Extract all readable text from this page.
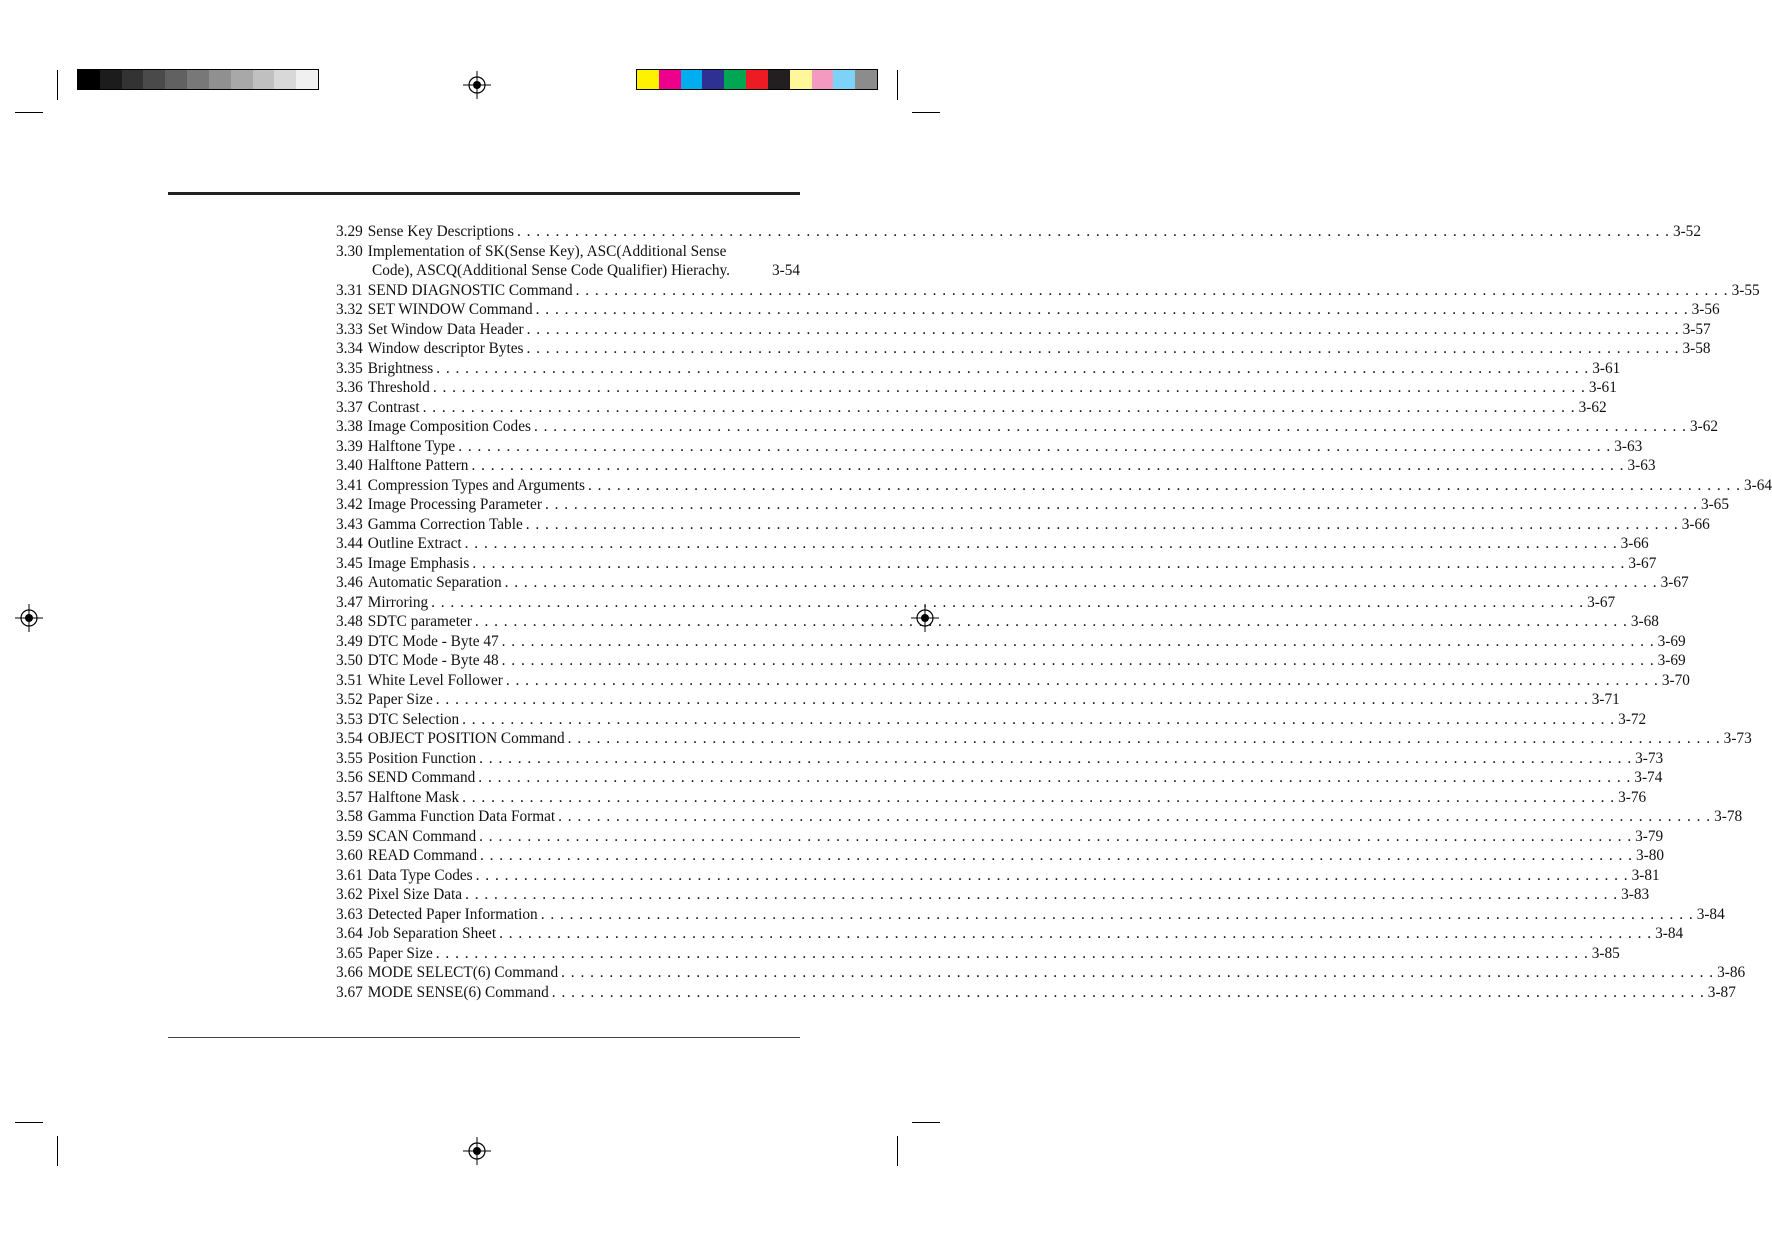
3.29 Sense Key Descriptions . . . . . . . . . . . . . . . . . . . . . . . . . . . . . . . . . . . . . . . . . . . . . . . . . . . . . . . . . . . . . . . . . . . . . . . . . . . . . . . . . . . . . . . . . . . . . . . . . . . . . . . . . . . . . . . . . . . . . . . . 3-52
3.30 Implementation of SK(Sense Key), ASC(Additional Sense
Code), ASCQ(Additional Sense Code Qualifier) Hierachy.	3-54
3.31 SEND DIAGNOSTIC Command . . . . . . . . . . . . . . . . . . . . . . . . . . . . . . . . . . . . . . . . . . . . . . . . . . . . . . . . . . . . . . . . . . . . . . . . . . . . . . . . . . . . . . . . . . . . . . . . . . . . . . . . . . . . . . . . . . . . . . . . 3-55
3.32 SET WINDOW Command . . . . . . . . . . . . . . . . . . . . . . . . . . . . . . . . . . . . . . . . . . . . . . . . . . . . . . . . . . . . . . . . . . . . . . . . . . . . . . . . . . . . . . . . . . . . . . . . . . . . . . . . . . . . . . . . . . . . . . . . 3-56
3.33 Set Window Data Header . . . . . . . . . . . . . . . . . . . . . . . . . . . . . . . . . . . . . . . . . . . . . . . . . . . . . . . . . . . . . . . . . . . . . . . . . . . . . . . . . . . . . . . . . . . . . . . . . . . . . . . . . . . . . . . . . . . . . . . . 3-57
3.34 Window descriptor Bytes . . . . . . . . . . . . . . . . . . . . . . . . . . . . . . . . . . . . . . . . . . . . . . . . . . . . . . . . . . . . . . . . . . . . . . . . . . . . . . . . . . . . . . . . . . . . . . . . . . . . . . . . . . . . . . . . . . . . . . . . 3-58
3.35 Brightness . . . . . . . . . . . . . . . . . . . . . . . . . . . . . . . . . . . . . . . . . . . . . . . . . . . . . . . . . . . . . . . . . . . . . . . . . . . . . . . . . . . . . . . . . . . . . . . . . . . . . . . . . . . . . . . . . . . . . . . . 3-61
3.36 Threshold . . . . . . . . . . . . . . . . . . . . . . . . . . . . . . . . . . . . . . . . . . . . . . . . . . . . . . . . . . . . . . . . . . . . . . . . . . . . . . . . . . . . . . . . . . . . . . . . . . . . . . . . . . . . . . . . . . . . . . . . 3-61
3.37 Contrast . . . . . . . . . . . . . . . . . . . . . . . . . . . . . . . . . . . . . . . . . . . . . . . . . . . . . . . . . . . . . . . . . . . . . . . . . . . . . . . . . . . . . . . . . . . . . . . . . . . . . . . . . . . . . . . . . . . . . . . . 3-62
3.38 Image Composition Codes . . . . . . . . . . . . . . . . . . . . . . . . . . . . . . . . . . . . . . . . . . . . . . . . . . . . . . . . . . . . . . . . . . . . . . . . . . . . . . . . . . . . . . . . . . . . . . . . . . . . . . . . . . . . . . . . . . . . . . . . 3-62
3.39 Halftone Type . . . . . . . . . . . . . . . . . . . . . . . . . . . . . . . . . . . . . . . . . . . . . . . . . . . . . . . . . . . . . . . . . . . . . . . . . . . . . . . . . . . . . . . . . . . . . . . . . . . . . . . . . . . . . . . . . . . . . . . . 3-63
3.40 Halftone Pattern . . . . . . . . . . . . . . . . . . . . . . . . . . . . . . . . . . . . . . . . . . . . . . . . . . . . . . . . . . . . . . . . . . . . . . . . . . . . . . . . . . . . . . . . . . . . . . . . . . . . . . . . . . . . . . . . . . . . . . . . 3-63
3.41 Compression Types and Arguments . . . . . . . . . . . . . . . . . . . . . . . . . . . . . . . . . . . . . . . . . . . . . . . . . . . . . . . . . . . . . . . . . . . . . . . . . . . . . . . . . . . . . . . . . . . . . . . . . . . . . . . . . . . . . . . . . . . . . . . . 3-64
3.42 Image Processing Parameter . . . . . . . . . . . . . . . . . . . . . . . . . . . . . . . . . . . . . . . . . . . . . . . . . . . . . . . . . . . . . . . . . . . . . . . . . . . . . . . . . . . . . . . . . . . . . . . . . . . . . . . . . . . . . . . . . . . . . . . . 3-65
3.43 Gamma Correction Table . . . . . . . . . . . . . . . . . . . . . . . . . . . . . . . . . . . . . . . . . . . . . . . . . . . . . . . . . . . . . . . . . . . . . . . . . . . . . . . . . . . . . . . . . . . . . . . . . . . . . . . . . . . . . . . . . . . . . . . . 3-66
3.44 Outline Extract . . . . . . . . . . . . . . . . . . . . . . . . . . . . . . . . . . . . . . . . . . . . . . . . . . . . . . . . . . . . . . . . . . . . . . . . . . . . . . . . . . . . . . . . . . . . . . . . . . . . . . . . . . . . . . . . . . . . . . . . 3-66
3.45 Image Emphasis . . . . . . . . . . . . . . . . . . . . . . . . . . . . . . . . . . . . . . . . . . . . . . . . . . . . . . . . . . . . . . . . . . . . . . . . . . . . . . . . . . . . . . . . . . . . . . . . . . . . . . . . . . . . . . . . . . . . . . . . 3-67
3.46 Automatic Separation . . . . . . . . . . . . . . . . . . . . . . . . . . . . . . . . . . . . . . . . . . . . . . . . . . . . . . . . . . . . . . . . . . . . . . . . . . . . . . . . . . . . . . . . . . . . . . . . . . . . . . . . . . . . . . . . . . . . . . . . 3-67
3.47 Mirroring . . . . . . . . . . . . . . . . . . . . . . . . . . . . . . . . . . . . . . . . . . . . . . . . . . . . . . . . . . . . . . . . . . . . . . . . . . . . . . . . . . . . . . . . . . . . . . . . . . . . . . . . . . . . . . . . . . . . . . . . 3-67
3.48 SDTC parameter . . . . . . . . . . . . . . . . . . . . . . . . . . . . . . . . . . . . . . . . . . . . . . . . . . . . . . . . . . . . . . . . . . . . . . . . . . . . . . . . . . . . . . . . . . . . . . . . . . . . . . . . . . . . . . . . . . . . . . . . 3-68
3.49 DTC Mode - Byte 47 . . . . . . . . . . . . . . . . . . . . . . . . . . . . . . . . . . . . . . . . . . . . . . . . . . . . . . . . . . . . . . . . . . . . . . . . . . . . . . . . . . . . . . . . . . . . . . . . . . . . . . . . . . . . . . . . . . . . . . . . 3-69
3.50 DTC Mode - Byte 48 . . . . . . . . . . . . . . . . . . . . . . . . . . . . . . . . . . . . . . . . . . . . . . . . . . . . . . . . . . . . . . . . . . . . . . . . . . . . . . . . . . . . . . . . . . . . . . . . . . . . . . . . . . . . . . . . . . . . . . . . 3-69
3.51 White Level Follower . . . . . . . . . . . . . . . . . . . . . . . . . . . . . . . . . . . . . . . . . . . . . . . . . . . . . . . . . . . . . . . . . . . . . . . . . . . . . . . . . . . . . . . . . . . . . . . . . . . . . . . . . . . . . . . . . . . . . . . . 3-70
3.52 Paper Size . . . . . . . . . . . . . . . . . . . . . . . . . . . . . . . . . . . . . . . . . . . . . . . . . . . . . . . . . . . . . . . . . . . . . . . . . . . . . . . . . . . . . . . . . . . . . . . . . . . . . . . . . . . . . . . . . . . . . . . . 3-71
3.53 DTC Selection . . . . . . . . . . . . . . . . . . . . . . . . . . . . . . . . . . . . . . . . . . . . . . . . . . . . . . . . . . . . . . . . . . . . . . . . . . . . . . . . . . . . . . . . . . . . . . . . . . . . . . . . . . . . . . . . . . . . . . . . 3-72
3.54 OBJECT POSITION Command . . . . . . . . . . . . . . . . . . . . . . . . . . . . . . . . . . . . . . . . . . . . . . . . . . . . . . . . . . . . . . . . . . . . . . . . . . . . . . . . . . . . . . . . . . . . . . . . . . . . . . . . . . . . . . . . . . . . . . . . 3-73
3.55 Position Function . . . . . . . . . . . . . . . . . . . . . . . . . . . . . . . . . . . . . . . . . . . . . . . . . . . . . . . . . . . . . . . . . . . . . . . . . . . . . . . . . . . . . . . . . . . . . . . . . . . . . . . . . . . . . . . . . . . . . . . . 3-73
3.56 SEND Command . . . . . . . . . . . . . . . . . . . . . . . . . . . . . . . . . . . . . . . . . . . . . . . . . . . . . . . . . . . . . . . . . . . . . . . . . . . . . . . . . . . . . . . . . . . . . . . . . . . . . . . . . . . . . . . . . . . . . . . . 3-74
3.57 Halftone Mask . . . . . . . . . . . . . . . . . . . . . . . . . . . . . . . . . . . . . . . . . . . . . . . . . . . . . . . . . . . . . . . . . . . . . . . . . . . . . . . . . . . . . . . . . . . . . . . . . . . . . . . . . . . . . . . . . . . . . . . . 3-76
3.58 Gamma Function Data Format . . . . . . . . . . . . . . . . . . . . . . . . . . . . . . . . . . . . . . . . . . . . . . . . . . . . . . . . . . . . . . . . . . . . . . . . . . . . . . . . . . . . . . . . . . . . . . . . . . . . . . . . . . . . . . . . . . . . . . . . 3-78
3.59 SCAN Command . . . . . . . . . . . . . . . . . . . . . . . . . . . . . . . . . . . . . . . . . . . . . . . . . . . . . . . . . . . . . . . . . . . . . . . . . . . . . . . . . . . . . . . . . . . . . . . . . . . . . . . . . . . . . . . . . . . . . . . . 3-79
3.60 READ Command . . . . . . . . . . . . . . . . . . . . . . . . . . . . . . . . . . . . . . . . . . . . . . . . . . . . . . . . . . . . . . . . . . . . . . . . . . . . . . . . . . . . . . . . . . . . . . . . . . . . . . . . . . . . . . . . . . . . . . . . 3-80
3.61 Data Type Codes . . . . . . . . . . . . . . . . . . . . . . . . . . . . . . . . . . . . . . . . . . . . . . . . . . . . . . . . . . . . . . . . . . . . . . . . . . . . . . . . . . . . . . . . . . . . . . . . . . . . . . . . . . . . . . . . . . . . . . . . 3-81
3.62 Pixel Size Data . . . . . . . . . . . . . . . . . . . . . . . . . . . . . . . . . . . . . . . . . . . . . . . . . . . . . . . . . . . . . . . . . . . . . . . . . . . . . . . . . . . . . . . . . . . . . . . . . . . . . . . . . . . . . . . . . . . . . . . . 3-83
3.63 Detected Paper Information . . . . . . . . . . . . . . . . . . . . . . . . . . . . . . . . . . . . . . . . . . . . . . . . . . . . . . . . . . . . . . . . . . . . . . . . . . . . . . . . . . . . . . . . . . . . . . . . . . . . . . . . . . . . . . . . . . . . . . . . 3-84
3.64 Job Separation Sheet . . . . . . . . . . . . . . . . . . . . . . . . . . . . . . . . . . . . . . . . . . . . . . . . . . . . . . . . . . . . . . . . . . . . . . . . . . . . . . . . . . . . . . . . . . . . . . . . . . . . . . . . . . . . . . . . . . . . . . . . 3-84
3.65 Paper Size . . . . . . . . . . . . . . . . . . . . . . . . . . . . . . . . . . . . . . . . . . . . . . . . . . . . . . . . . . . . . . . . . . . . . . . . . . . . . . . . . . . . . . . . . . . . . . . . . . . . . . . . . . . . . . . . . . . . . . . . 3-85
3.66 MODE SELECT(6) Command . . . . . . . . . . . . . . . . . . . . . . . . . . . . . . . . . . . . . . . . . . . . . . . . . . . . . . . . . . . . . . . . . . . . . . . . . . . . . . . . . . . . . . . . . . . . . . . . . . . . . . . . . . . . . . . . . . . . . . . . 3-86
3.67 MODE SENSE(6) Command . . . . . . . . . . . . . . . . . . . . . . . . . . . . . . . . . . . . . . . . . . . . . . . . . . . . . . . . . . . . . . . . . . . . . . . . . . . . . . . . . . . . . . . . . . . . . . . . . . . . . . . . . . . . . . . . . . . . . . . . 3-87
